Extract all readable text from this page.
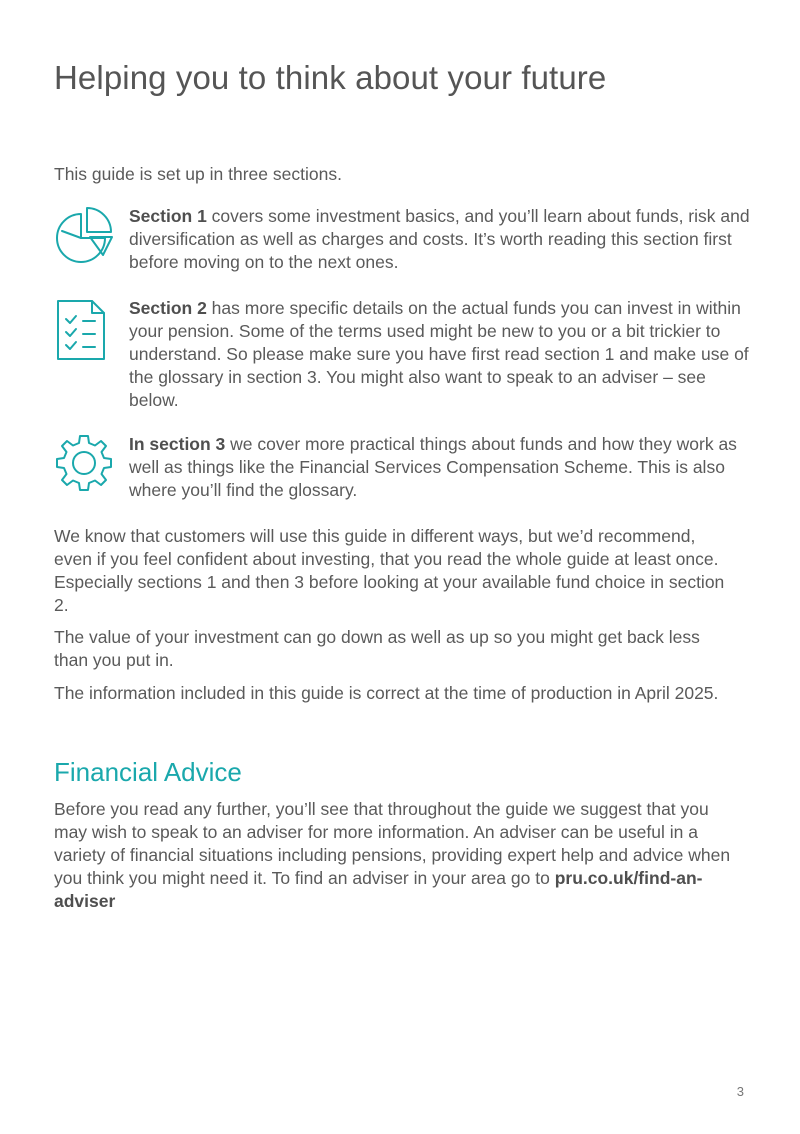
Helping you to think about your future

This guide is set up in three sections.

Section 1 covers some investment basics, and you’ll learn about funds, risk and diversification as well as charges and costs. It’s worth reading this section first before moving on to the next ones.

Section 2 has more specific details on the actual funds you can invest in within your pension. Some of the terms used might be new to you or a bit trickier to understand. So please make sure you have first read section 1 and make use of the glossary in section 3. You might also want to speak to an adviser – see below.

In section 3 we cover more practical things about funds and how they work as well as things like the Financial Services Compensation Scheme. This is also where you’ll find the glossary.

We know that customers will use this guide in different ways, but we’d recommend, even if you feel confident about investing, that you read the whole guide at least once. Especially sections 1 and then 3 before looking at your available fund choice in section 2.

The value of your investment can go down as well as up so you might get back less than you put in.

The information included in this guide is correct at the time of production in April 2025.

Financial Advice

Before you read any further, you’ll see that throughout the guide we suggest that you may wish to speak to an adviser for more information. An adviser can be useful in a variety of financial situations including pensions, providing expert help and advice when you think you might need it. To find an adviser in your area go to pru.co.uk/find-an-adviser

3
